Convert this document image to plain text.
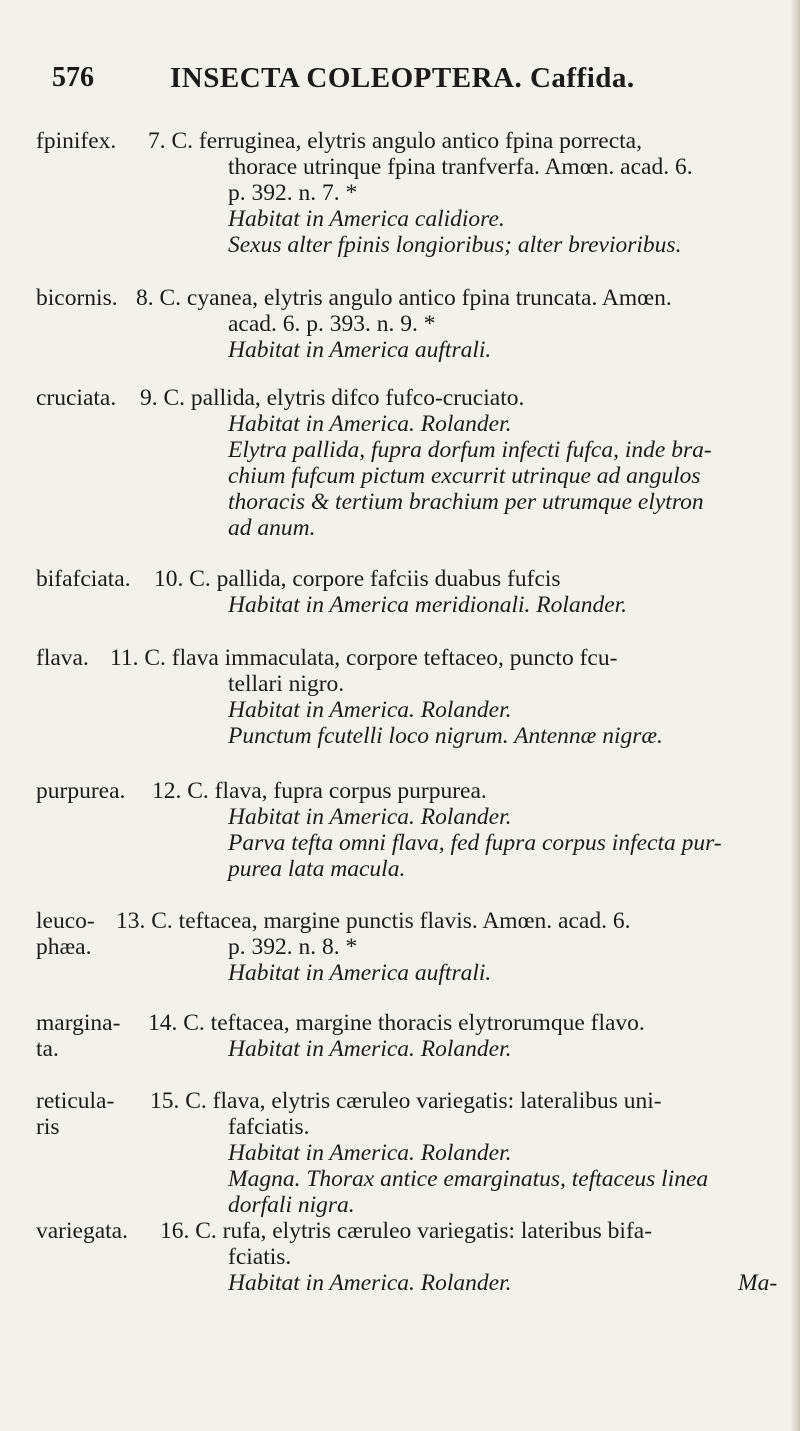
576	INSECTA COLEOPTERA. Caffida.
fpinifex. 7. C. ferruginea, elytris angulo antico fpina porrecta,
thorace utrinque fpina tranfverfa. Amœn. acad. 6.
p. 392. n. 7. *
Habitat in America calidiore.
Sexus alter fpinis longioribus; alter brevioribus.
bicornis. 8. C. cyanea, elytris angulo antico fpina truncata. Amœn.
acad. 6. p. 393. n. 9. *
Habitat in America auftrali.
cruciata. 9. C. pallida, elytris difco fufco-cruciato.
Habitat in America. Rolander.
Elytra pallida, fupra dorfum infecti fufca, inde bra-
chium fufcum pictum excurrit utrinque ad angulos
thoracis & tertium brachium per utrumque elytron
ad anum.
bifafciata. 10. C. pallida, corpore fafciis duabus fufcis
Habitat in America meridionali. Rolander.
flava. 11. C. flava immaculata, corpore teftaceo, puncto fcu-
tellari nigro.
Habitat in America. Rolander.
Punctum fcutelli loco nigrum. Antennæ nigræ.
purpurea. 12. C. flava, fupra corpus purpurea.
Habitat in America. Rolander.
Parva tefta omni flava, fed fupra corpus infecta pur-
purea lata macula.
leuco-
phæa.
13. C. teftacea, margine punctis flavis. Amœn. acad. 6.
p. 392. n. 8. *
Habitat in America auftrali.
margina-
ta.
14. C. teftacea, margine thoracis elytrorumque flavo.
Habitat in America. Rolander.
reticula-
ris
15. C. flava, elytris cæruleo variegatis: lateralibus uni-
fafciatis.
Habitat in America. Rolander.
Magna. Thorax antice emarginatus, teftaceus linea
dorfali nigra.
variegata. 16. C. rufa, elytris cæruleo variegatis: lateribus bifa-
fciatis.
Habitat in America. Rolander.	Ma-
